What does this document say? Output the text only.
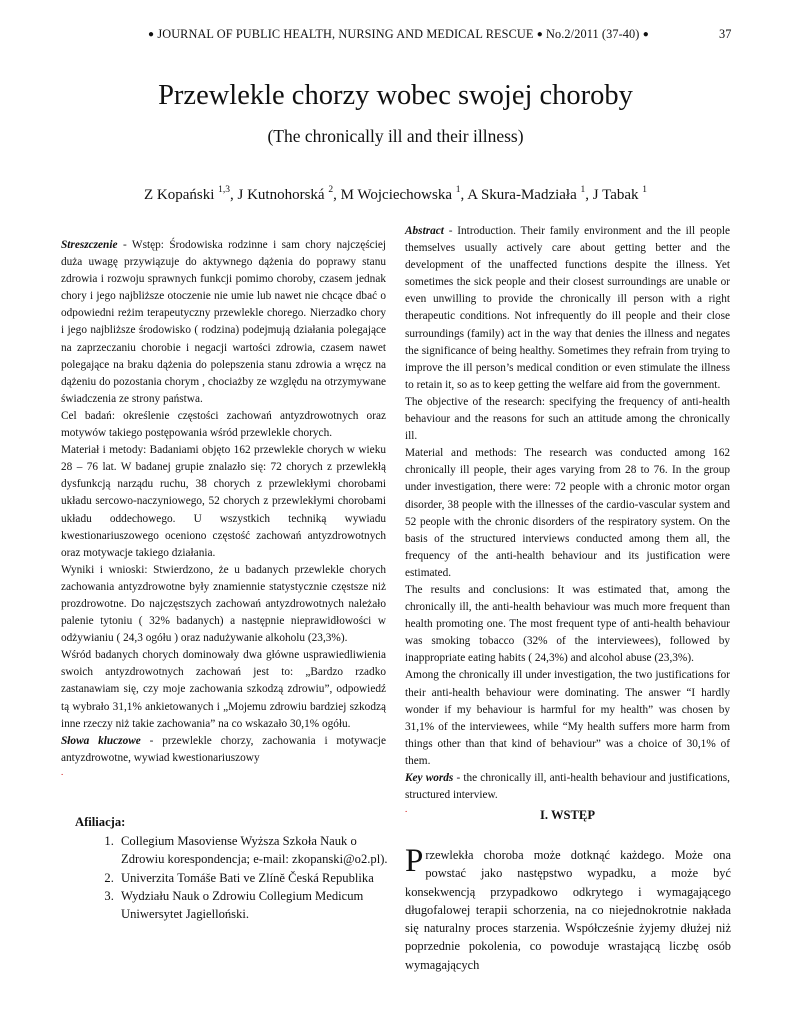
● JOURNAL OF PUBLIC HEALTH, NURSING AND MEDICAL RESCUE ● No.2/2011 (37-40) ●	37
Przewlekle chorzy wobec swojej choroby
(The chronically ill and their illness)
Z Kopański $^{1,3}$, J Kutnohorská $^2$, M Wojciechowska $^1$, A Skura-Madziała $^1$, J Tabak $^1$

Streszczenie - Wstęp: Środowiska rodzinne i sam chory najczęściej duża uwagę przywiązuje do aktywnego dążenia do poprawy stanu zdrowia i rozwoju sprawnych funkcji pomimo choroby, czasem jednak chory i jego najbliższe otoczenie nie umie lub nawet nie chcące dbać o odpowiedni reżim terapeutyczny przewlekle chorego. Nierzadko chory i jego najbliższe środowisko ( rodzina) podejmują działania polegające na zaprzeczaniu chorobie i negacji wartości zdrowia, czasem nawet polegające na braku dążenia do polepszenia stanu zdrowia a wręcz na dążeniu do pozostania chorym , chociażby ze względu na otrzymywane świadczenia ze strony państwa.

Cel badań: określenie częstości zachowań antyzdrowotnych oraz motywów takiego postępowania wśród przewlekle chorych.

Materiał i metody: Badaniami objęto 162 przewlekle chorych w wieku 28 – 76 lat. W badanej grupie znalazło się: 72 chorych z przewlekłą dysfunkcją narządu ruchu, 38 chorych z przewlekłymi chorobami układu sercowo-naczyniowego, 52 chorych z przewlekłymi chorobami układu oddechowego. U wszystkich techniką wywiadu kwestionariuszowego oceniono częstość zachowań antyzdrowotnych oraz motywacje takiego działania.

Wyniki i wnioski: Stwierdzono, że u badanych przewlekle chorych zachowania antyzdrowotne były znamiennie statystycznie częstsze niż prozdrowotne. Do najczęstszych zachowań antyzdrowotnych należało palenie tytoniu ( 32% badanych) a następnie nieprawidłowości w odżywianiu ( 24,3 ogółu ) oraz nadużywanie alkoholu (23,3%).

Wśród badanych chorych dominowały dwa główne usprawiedliwienia swoich antyzdrowotnych zachowań jest to: „Bardzo rzadko zastanawiam się, czy moje zachowania szkodzą zdrowiu”, odpowiedź tą wybrało 31,1% ankietowanych i „Mojemu zdrowiu bardziej szkodzą inne rzeczy niż takie zachowania” na co wskazało 30,1% ogółu.

Słowa kluczowe - przewlekle chorzy, zachowania i motywacje antyzdrowotne, wywiad kwestionariuszowy

.

Abstract - Introduction. Their family environment and the ill people themselves usually actively care about getting better and the development of the unaffected functions despite the illness. Yet sometimes the sick people and their closest surroundings are unable or even unwilling to provide the chronically ill person with a right therapeutic conditions. Not infrequently do ill people and their close surroundings (family) act in the way that denies the illness and negates the significance of being healthy. Sometimes they refrain from trying to improve the ill person’s medical condition or even stimulate the illness to retain it, so as to keep getting the welfare aid from the government.

The objective of the research: specifying the frequency of anti-health behaviour and the reasons for such an attitude among the chronically ill.

Material and methods: The research was conducted among 162 chronically ill people, their ages varying from 28 to 76. In the group under investigation, there were: 72 people with a chronic motor organ disorder, 38 people with the illnesses of the cardio-vascular system and 52 people with the chronic disorders of the respiratory system. On the basis of the structured interviews conducted among them all, the frequency of the anti-health behaviour and its justification were estimated.

The results and conclusions: It was estimated that, among the chronically ill, the anti-health behaviour was much more frequent than health promoting one. The most frequent type of anti-health behaviour was smoking tobacco (32% of the interviewees), followed by inappropriate eating habits ( 24,3%) and alcohol abuse (23,3%).

Among the chronically ill under investigation, the two justifications for their anti-health behaviour were dominating. The answer “I hardly wonder if my behaviour is harmful for my health” was chosen by 31,1% of the interviewees, while “My health suffers more harm from things other than that kind of behaviour” was a choice of 30,1% of them.

Key words - the chronically ill, anti-health behaviour and justifications, structured interview.

.

Afiliacja:
1. Collegium Masoviense Wyższa Szkoła Nauk o Zdrowiu korespondencja; e-mail: zkopanski@o2.pl).
2. Univerzita Tomáše Bati ve Zlíně Česká Republika
3. Wydziału Nauk o Zdrowiu Collegium Medicum Uniwersytet Jagielloński.
I. WSTĘP
P rzewlekła choroba może dotknąć każdego. Może ona powstać jako następstwo wypadku, a może być konsekwencją przypadkowo odkrytego i wymagającego długofalowej terapii schorzenia, na co niejednokrotnie nakłada się naturalny proces starzenia. Współcześnie żyjemy dłużej niż poprzednie pokolenia, co powoduje wrastającą liczbę osób wymagających
